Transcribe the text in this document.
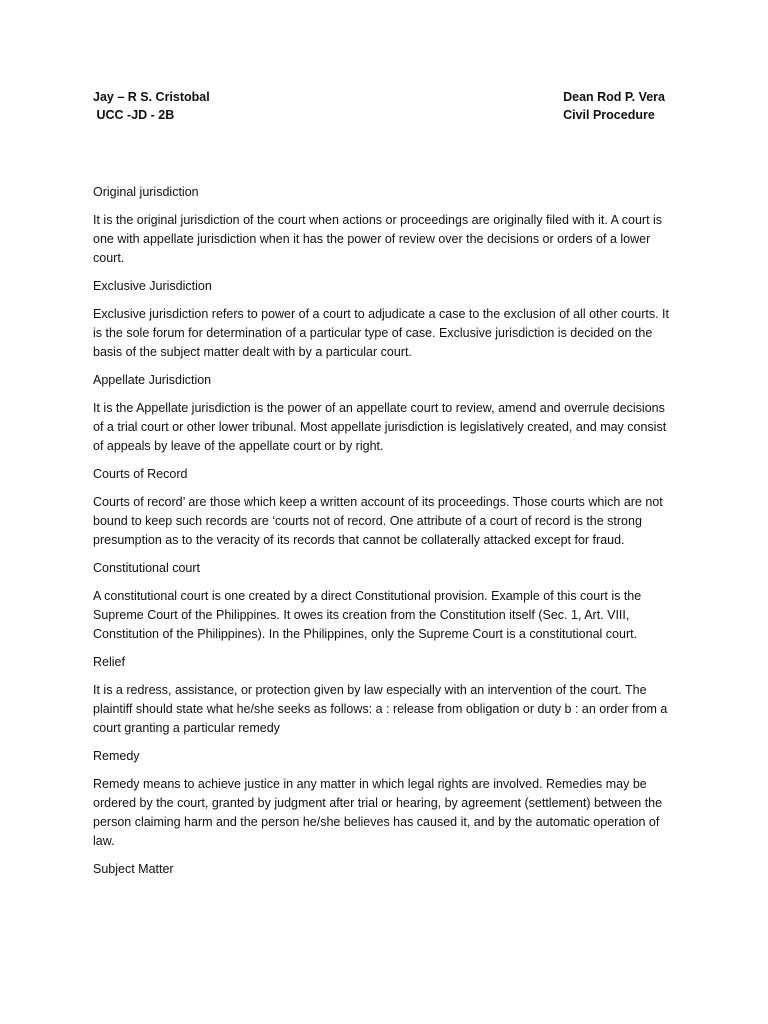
Jay – R S. Cristobal
UCC -JD - 2B
Dean Rod P. Vera
Civil Procedure

Original jurisdiction

It is the original jurisdiction of the court when actions or proceedings are originally filed with it. A court is one with appellate jurisdiction when it has the power of review over the decisions or orders of a lower court.

Exclusive Jurisdiction

Exclusive jurisdiction refers to power of a court to adjudicate a case to the exclusion of all other courts. It is the sole forum for determination of a particular type of case. Exclusive jurisdiction is decided on the basis of the subject matter dealt with by a particular court.

Appellate Jurisdiction

It is the Appellate jurisdiction is the power of an appellate court to review, amend and overrule decisions of a trial court or other lower tribunal. Most appellate jurisdiction is legislatively created, and may consist of appeals by leave of the appellate court or by right.

Courts of Record

Courts of record’ are those which keep a written account of its proceedings. Those courts which are not bound to keep such records are ‘courts not of record. One attribute of a court of record is the strong presumption as to the veracity of its records that cannot be collaterally attacked except for fraud.

Constitutional court

A constitutional court is one created by a direct Constitutional provision. Example of this court is the Supreme Court of the Philippines. It owes its creation from the Constitution itself (Sec. 1, Art. VIII, Constitution of the Philippines). In the Philippines, only the Supreme Court is a constitutional court.

Relief

It is a redress, assistance, or protection given by law especially with an intervention of the court. The plaintiff should state what he/she seeks as follows: a : release from obligation or duty b : an order from a court granting a particular remedy

Remedy

Remedy means to achieve justice in any matter in which legal rights are involved. Remedies may be ordered by the court, granted by judgment after trial or hearing, by agreement (settlement) between the person claiming harm and the person he/she believes has caused it, and by the automatic operation of law.

Subject Matter
